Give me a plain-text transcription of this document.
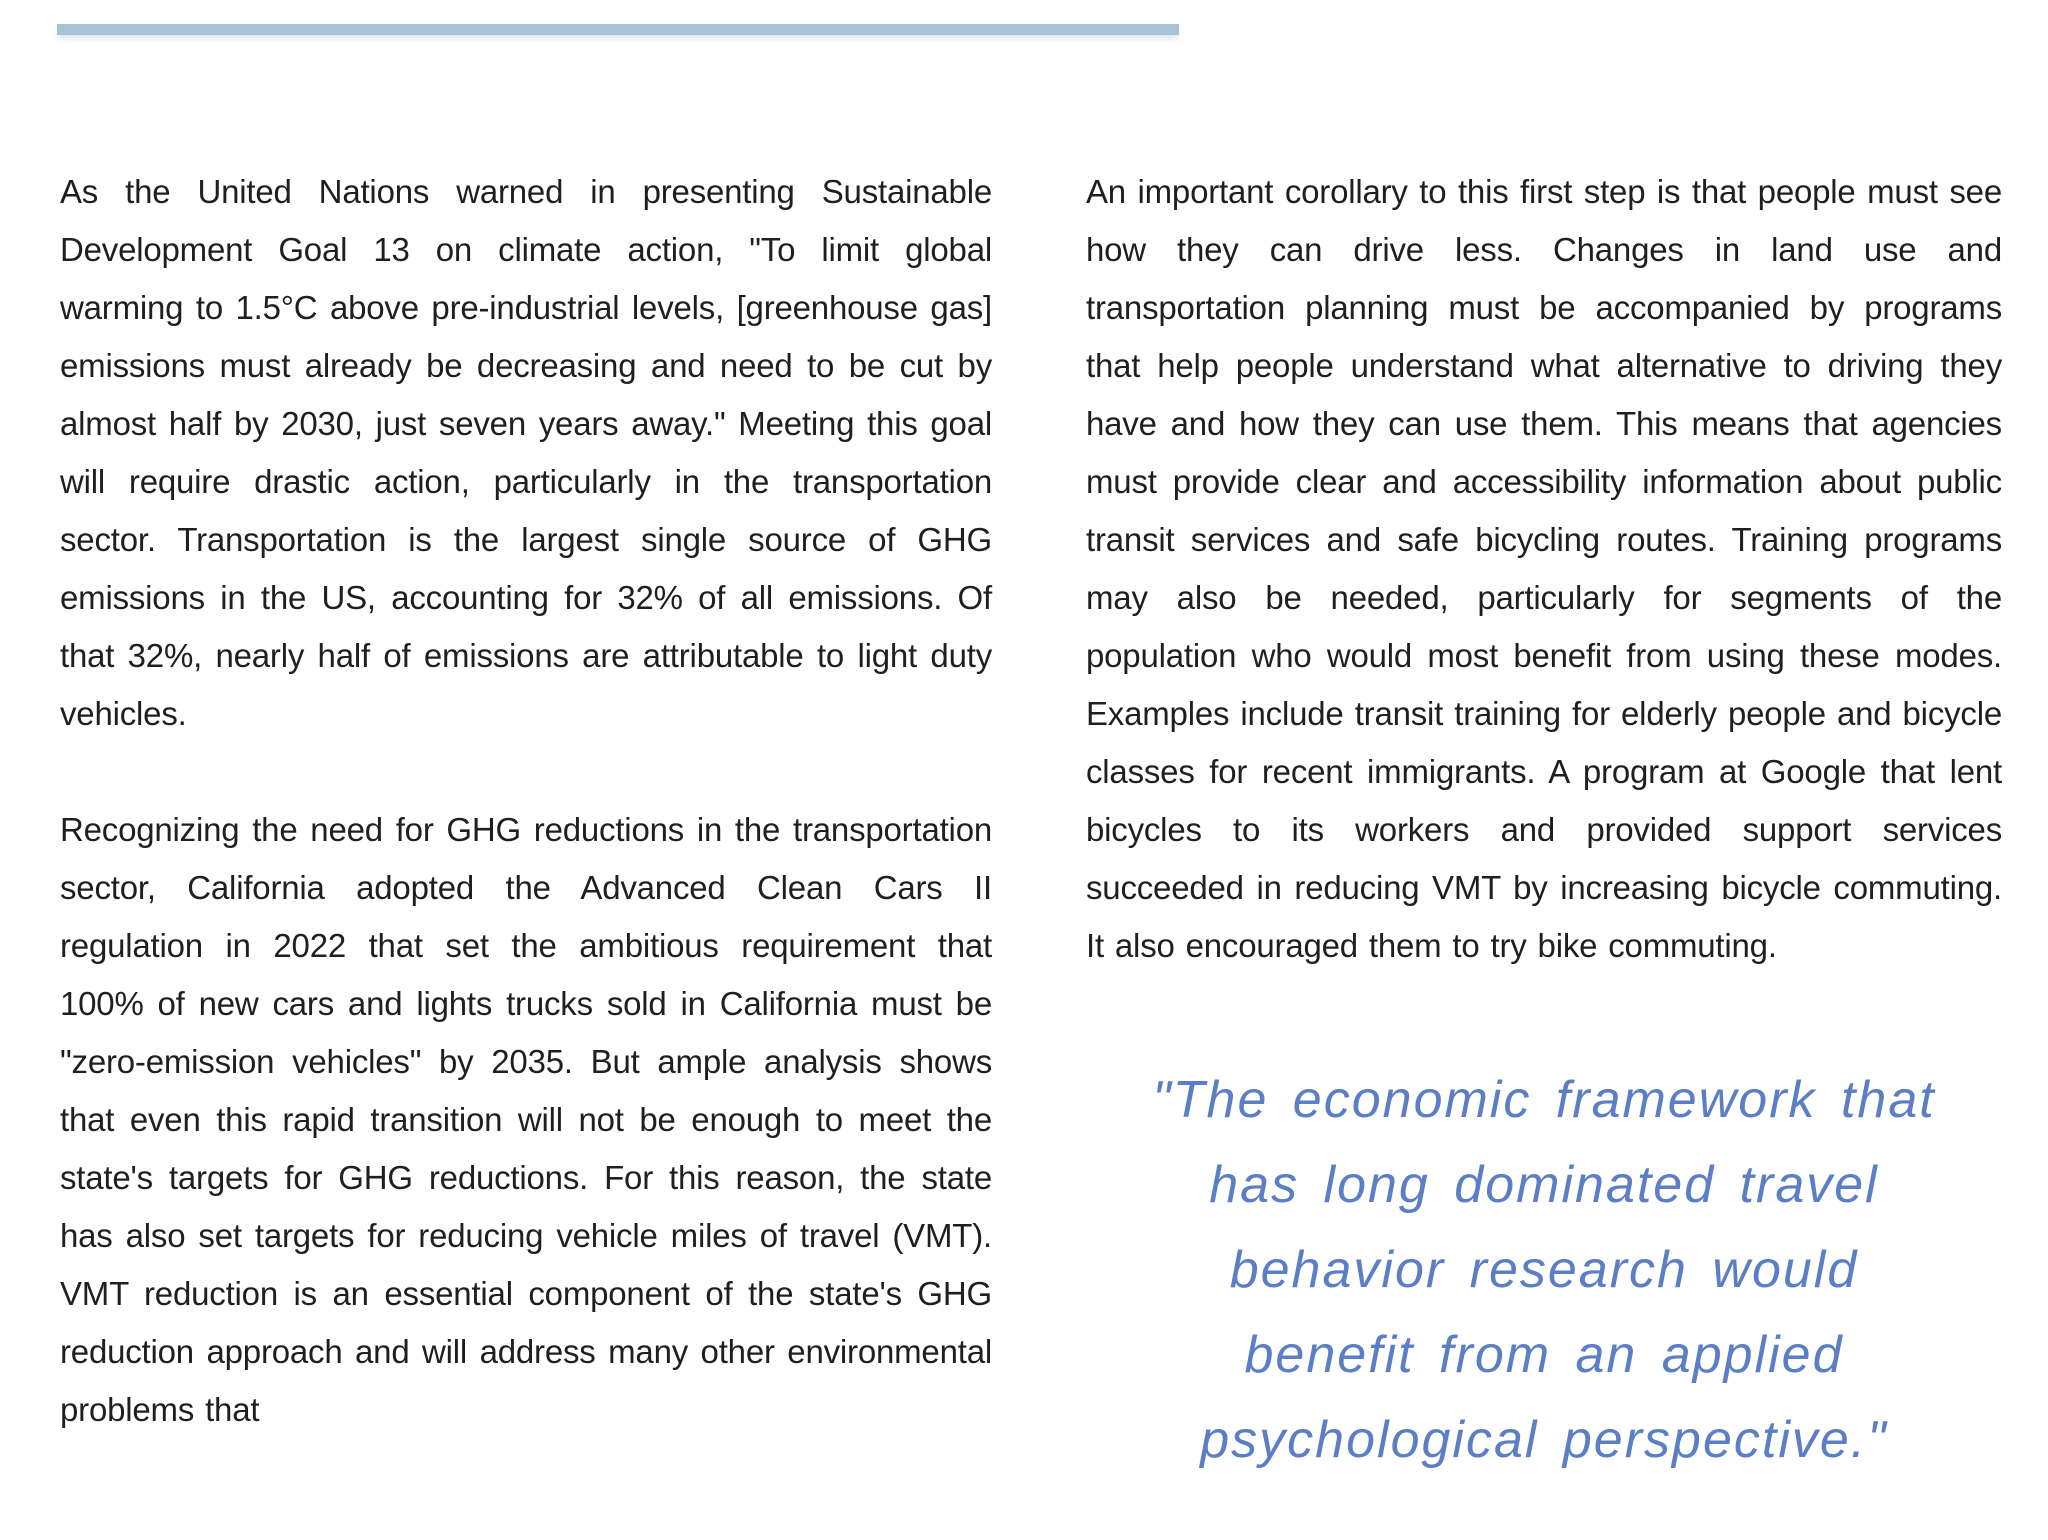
As the United Nations warned in presenting Sustainable Development Goal 13 on climate action, "To limit global warming to 1.5°C above pre-industrial levels, [greenhouse gas] emissions must already be decreasing and need to be cut by almost half by 2030, just seven years away." Meeting this goal will require drastic action, particularly in the transportation sector. Transportation is the largest single source of GHG emissions in the US, accounting for 32% of all emissions. Of that 32%, nearly half of emissions are attributable to light duty vehicles.

Recognizing the need for GHG reductions in the transportation sector, California adopted the Advanced Clean Cars II regulation in 2022 that set the ambitious requirement that 100% of new cars and lights trucks sold in California must be "zero-emission vehicles" by 2035. But ample analysis shows that even this rapid transition will not be enough to meet the state's targets for GHG reductions. For this reason, the state has also set targets for reducing vehicle miles of travel (VMT). VMT reduction is an essential component of the state's GHG reduction approach and will address many other environmental problems that

An important corollary to this first step is that people must see how they can drive less. Changes in land use and transportation planning must be accompanied by programs that help people understand what alternative to driving they have and how they can use them. This means that agencies must provide clear and accessibility information about public transit services and safe bicycling routes. Training programs may also be needed, particularly for segments of the population who would most benefit from using these modes. Examples include transit training for elderly people and bicycle classes for recent immigrants. A program at Google that lent bicycles to its workers and provided support services succeeded in reducing VMT by increasing bicycle commuting. It also encouraged them to try bike commuting.

"The economic framework that
has long dominated travel
behavior research would
benefit from an applied
psychological perspective."
